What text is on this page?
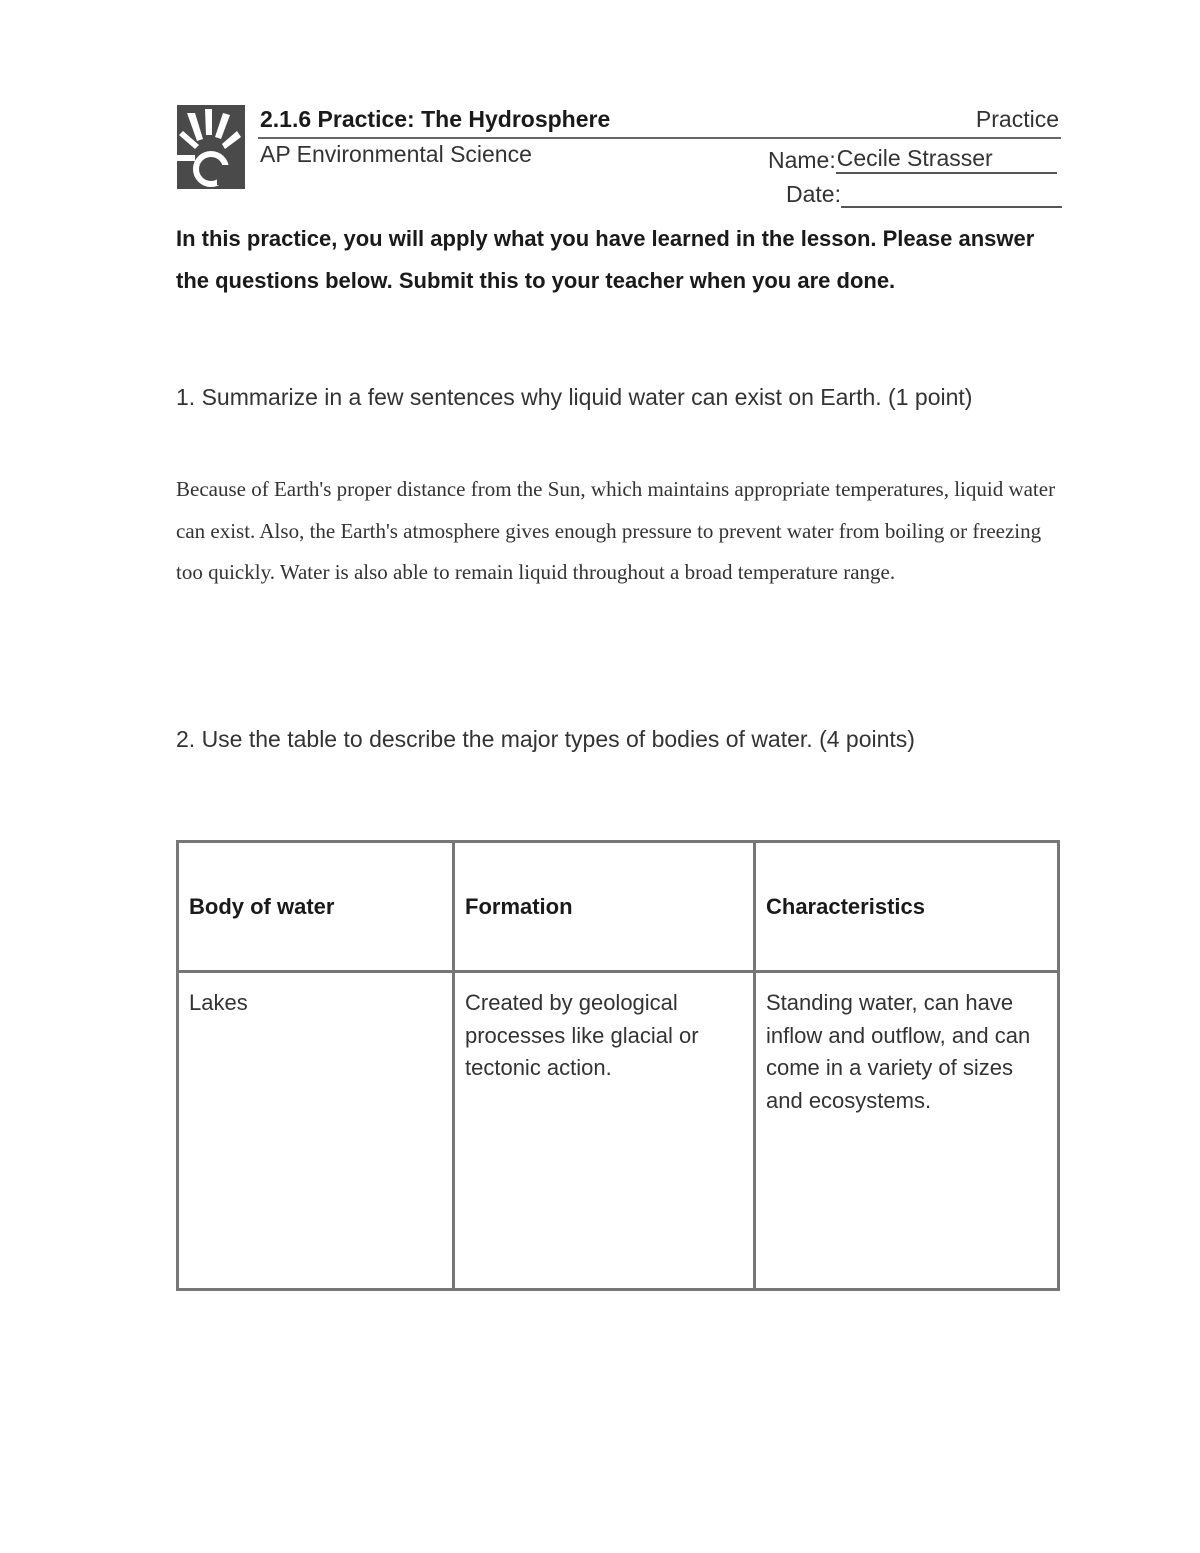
2.1.6 Practice: The Hydrosphere	Practice
AP Environmental Science	Name: Cecile Strasser
Date:

In this practice, you will apply what you have learned in the lesson. Please answer the questions below. Submit this to your teacher when you are done.

1. Summarize in a few sentences why liquid water can exist on Earth. (1 point)

Because of Earth's proper distance from the Sun, which maintains appropriate temperatures, liquid water can exist. Also, the Earth's atmosphere gives enough pressure to prevent water from boiling or freezing too quickly. Water is also able to remain liquid throughout a broad temperature range.

2. Use the table to describe the major types of bodies of water. (4 points)

Body of water	Formation	Characteristics
Lakes	Created by geological processes like glacial or tectonic action.	Standing water, can have inflow and outflow, and can come in a variety of sizes and ecosystems.
